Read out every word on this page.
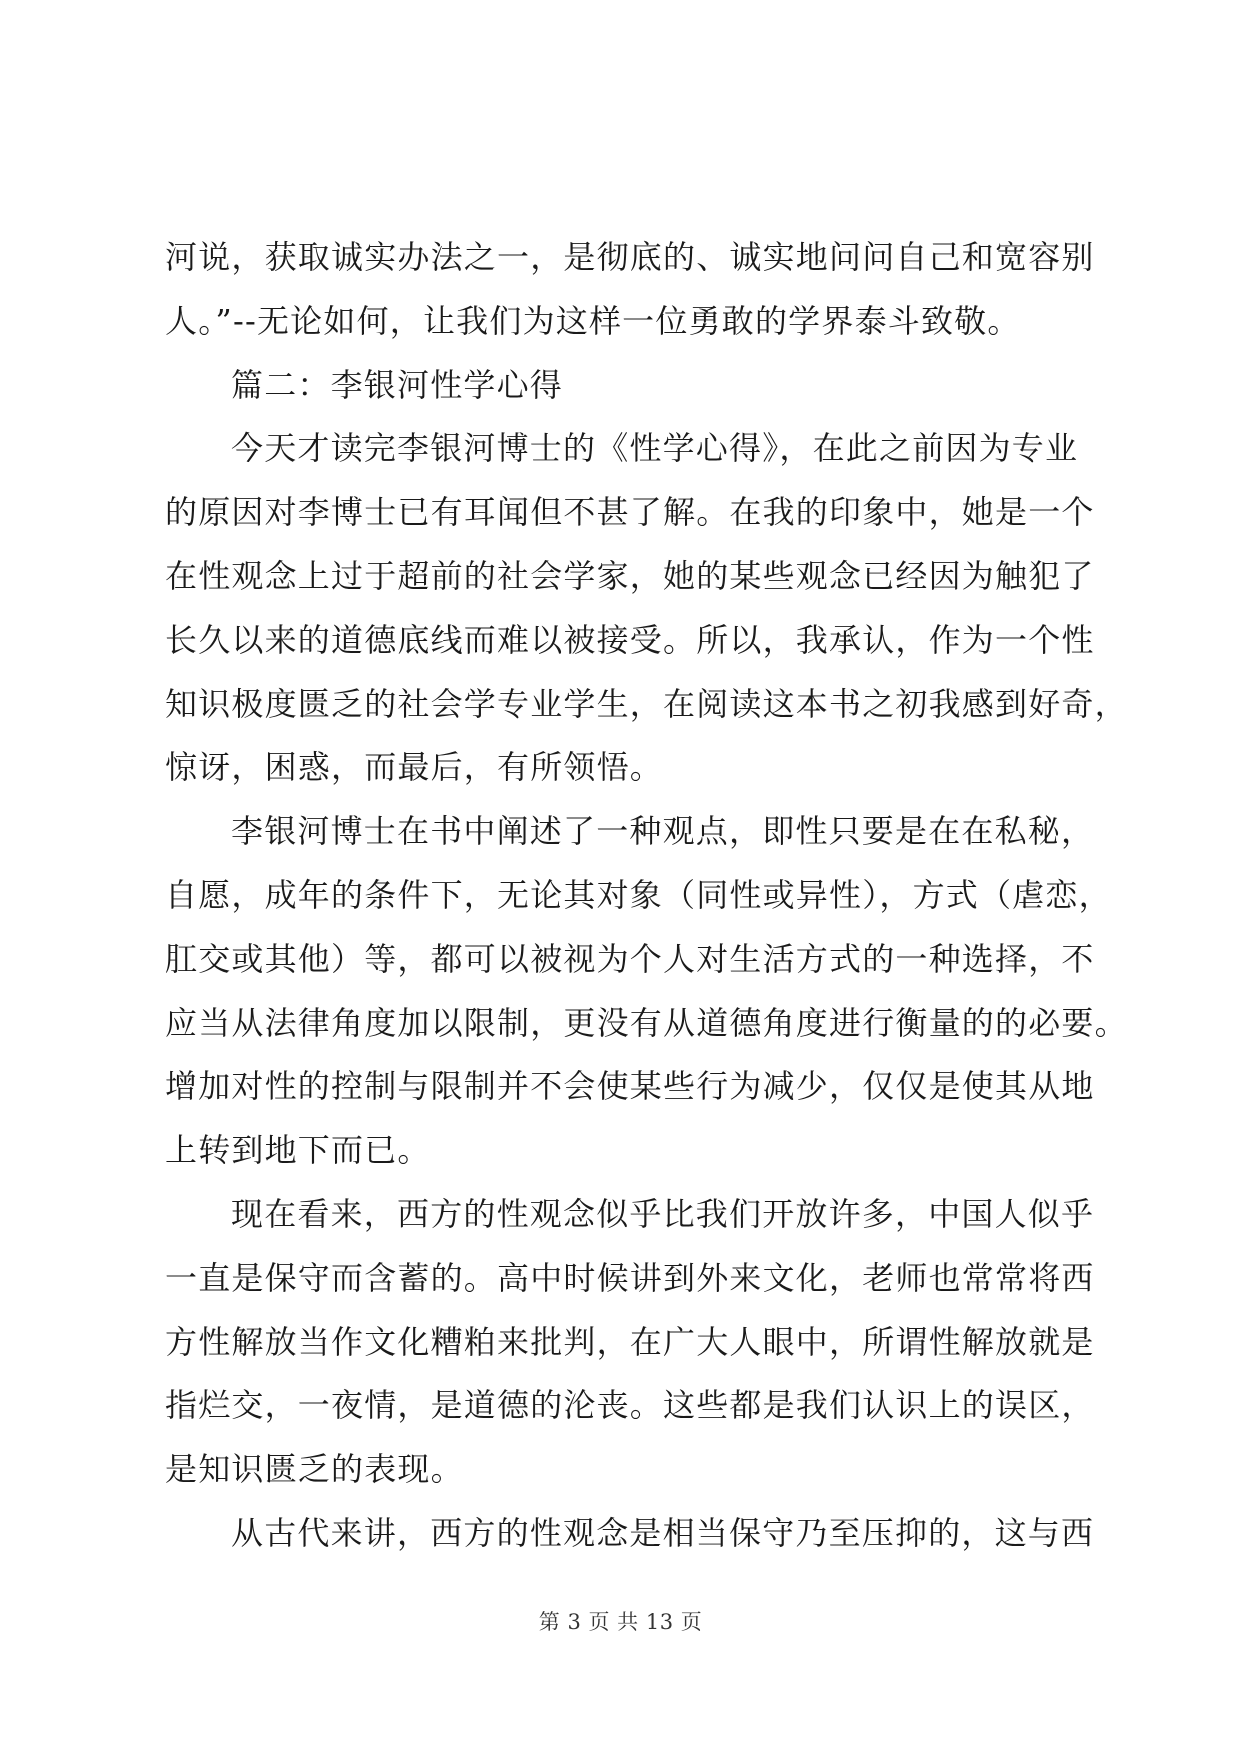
河说，获取诚实办法之一，是彻底的、诚实地问问自己和宽容别
人。”--无论如何，让我们为这样一位勇敢的学界泰斗致敬。
篇二：李银河性学心得
今天才读完李银河博士的《性学心得》，在此之前因为专业
的原因对李博士已有耳闻但不甚了解。在我的印象中，她是一个
在性观念上过于超前的社会学家，她的某些观念已经因为触犯了
长久以来的道德底线而难以被接受。所以，我承认，作为一个性
知识极度匮乏的社会学专业学生，在阅读这本书之初我感到好奇，
惊讶，困惑，而最后，有所领悟。
李银河博士在书中阐述了一种观点，即性只要是在在私秘，
自愿，成年的条件下，无论其对象（同性或异性），方式（虐恋，
肛交或其他）等，都可以被视为个人对生活方式的一种选择，不
应当从法律角度加以限制，更没有从道德角度进行衡量的的必要。
增加对性的控制与限制并不会使某些行为减少，仅仅是使其从地
上转到地下而已。
现在看来，西方的性观念似乎比我们开放许多，中国人似乎
一直是保守而含蓄的。高中时候讲到外来文化，老师也常常将西
方性解放当作文化糟粕来批判，在广大人眼中，所谓性解放就是
指烂交，一夜情，是道德的沦丧。这些都是我们认识上的误区，
是知识匮乏的表现。
从古代来讲，西方的性观念是相当保守乃至压抑的，这与西
第 3 页 共 13 页
